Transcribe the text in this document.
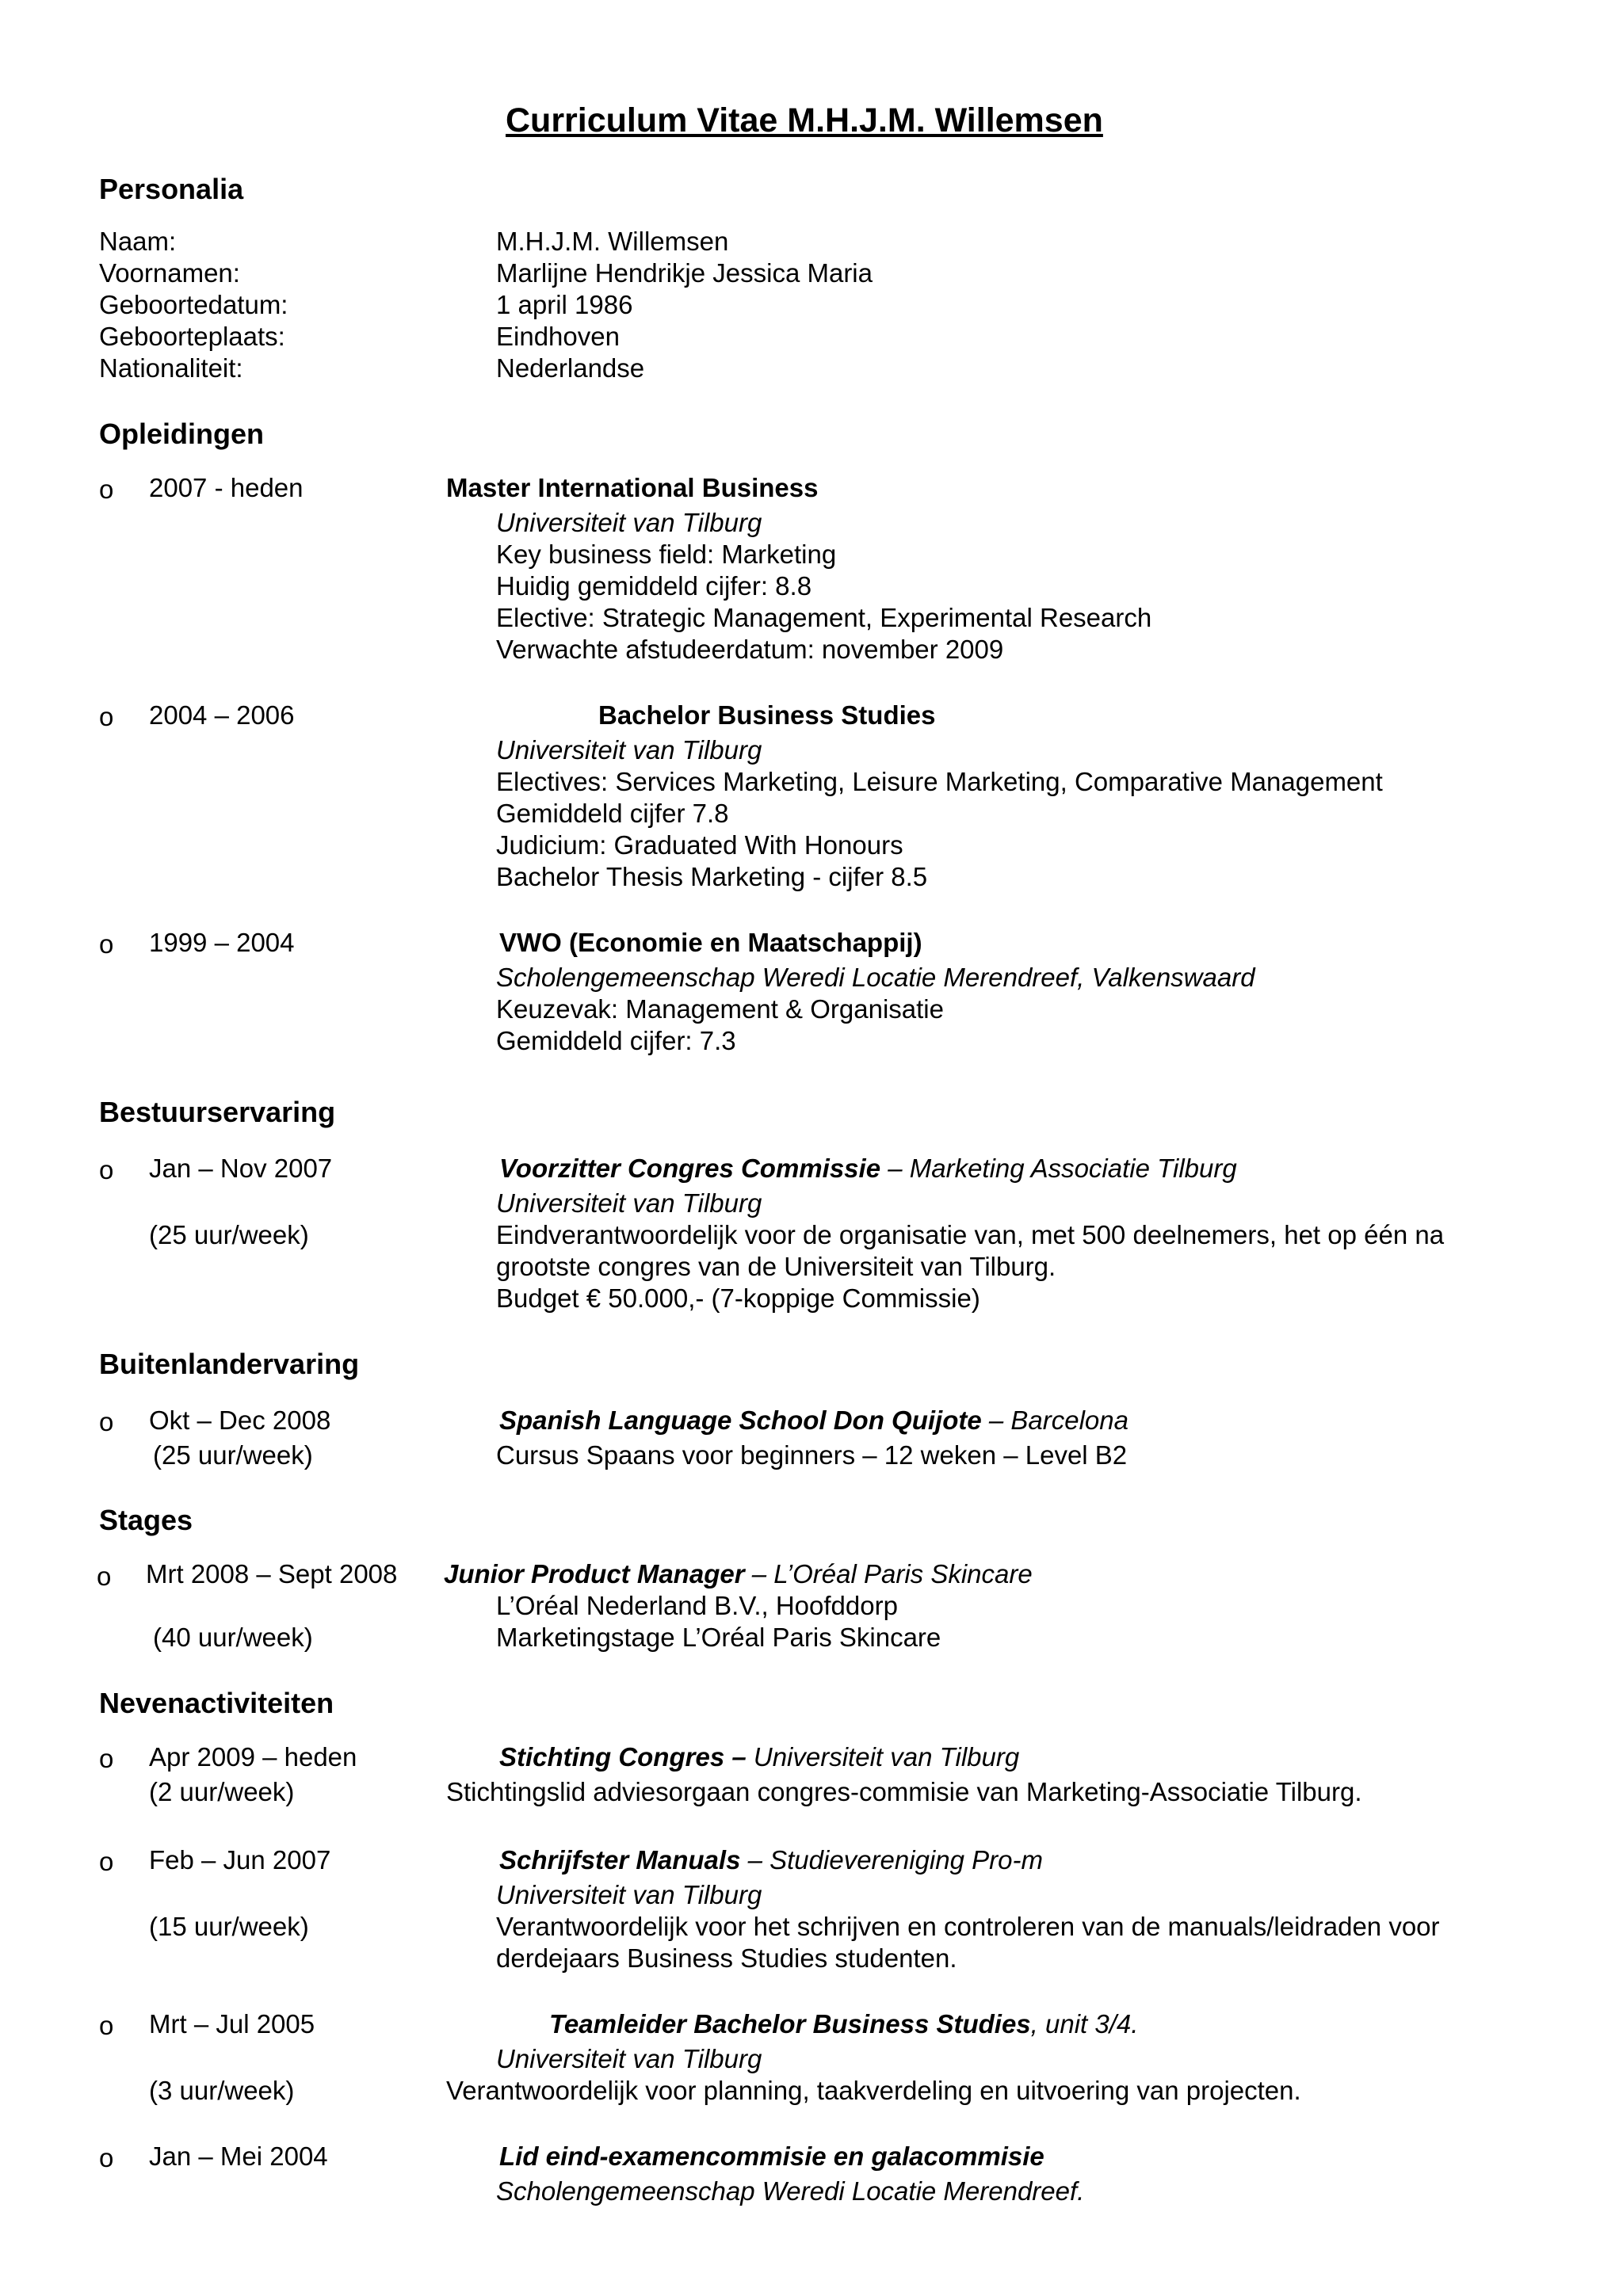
Curriculum Vitae M.H.J.M. Willemsen
Personalia
Naam:	M.H.J.M. Willemsen
Voornamen:	Marlijne Hendrikje Jessica Maria
Geboortedatum:	1 april 1986
Geboorteplaats:	Eindhoven
Nationaliteit:	Nederlandse
Opleidingen
o 2007 - heden	Master International Business
Universiteit van Tilburg
Key business field: Marketing
Huidig gemiddeld cijfer: 8.8
Elective: Strategic Management, Experimental Research
Verwachte afstudeerdatum: november 2009
o 2004 – 2006	Bachelor Business Studies
Universiteit van Tilburg
Electives: Services Marketing, Leisure Marketing, Comparative Management
Gemiddeld cijfer 7.8
Judicium: Graduated With Honours
Bachelor Thesis Marketing - cijfer 8.5
o 1999 – 2004	VWO (Economie en Maatschappij)
Scholengemeenschap Weredi Locatie Merendreef, Valkenswaard
Keuzevak: Management & Organisatie
Gemiddeld cijfer: 7.3
Bestuurservaring
o Jan – Nov 2007	Voorzitter Congres Commissie – Marketing Associatie Tilburg
Universiteit van Tilburg
(25 uur/week)	Eindverantwoordelijk voor de organisatie van, met 500 deelnemers, het op één na
grootste congres van de Universiteit van Tilburg.
Budget € 50.000,- (7-koppige Commissie)
Buitenlandervaring
o Okt – Dec 2008	Spanish Language School Don Quijote – Barcelona
(25 uur/week)	Cursus Spaans voor beginners – 12 weken – Level B2
Stages
o Mrt 2008 – Sept 2008 Junior Product Manager – L’Oréal Paris Skincare
L’Oréal Nederland B.V., Hoofddorp
(40 uur/week)	Marketingstage L’Oréal Paris Skincare
Nevenactiviteiten
o Apr 2009 – heden	Stichting Congres – Universiteit van Tilburg
(2 uur/week)	Stichtingslid adviesorgaan congres-commisie van Marketing-Associatie Tilburg.
o Feb – Jun 2007	Schrijfster Manuals – Studievereniging Pro-m
Universiteit van Tilburg
(15 uur/week)	Verantwoordelijk voor het schrijven en controleren van de manuals/leidraden voor
derdejaars Business Studies studenten.
o Mrt – Jul 2005	Teamleider Bachelor Business Studies, unit 3/4.
Universiteit van Tilburg
(3 uur/week)	Verantwoordelijk voor planning, taakverdeling en uitvoering van projecten.
o Jan – Mei 2004	Lid eind-examencommisie en galacommisie
Scholengemeenschap Weredi Locatie Merendreef.
